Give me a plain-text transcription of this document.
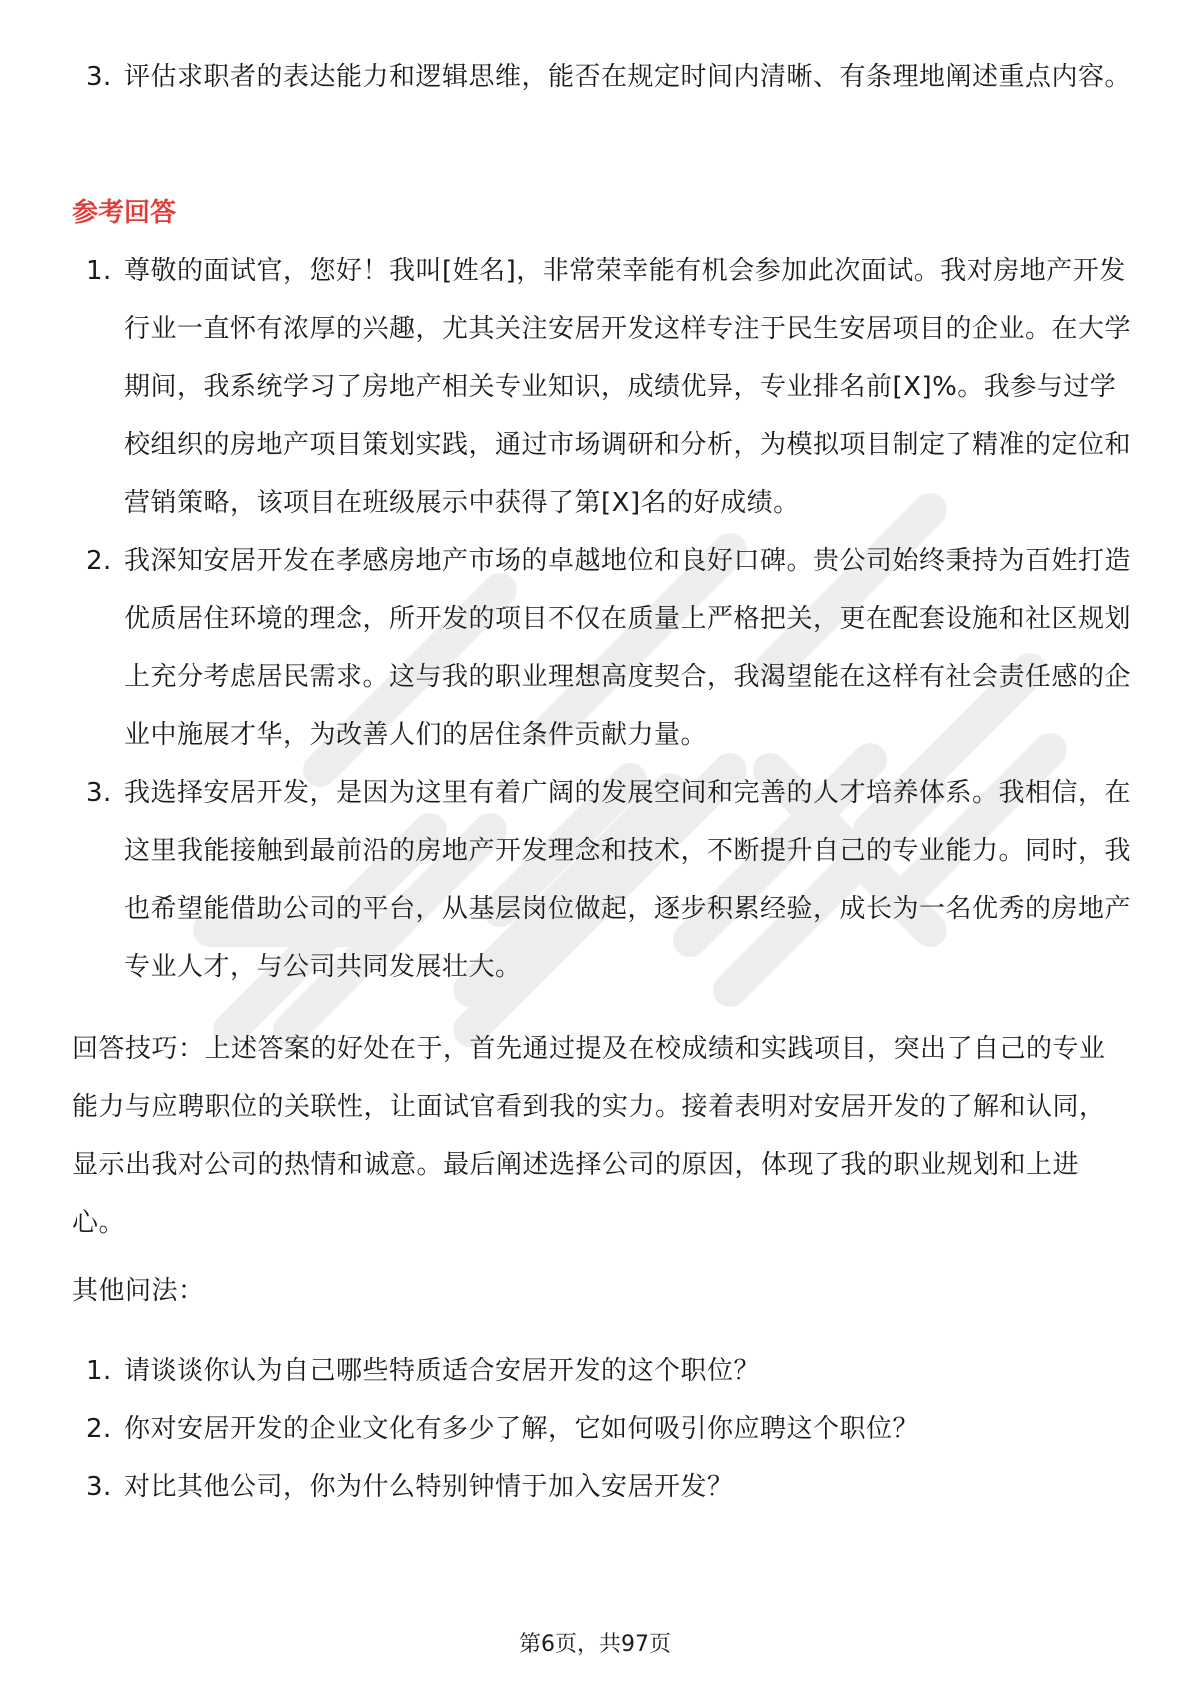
3. 评估求职者的表达能力和逻辑思维，能否在规定时间内清晰、有条理地阐述重点内容。
参考回答
1. 尊敬的面试官，您好！我叫[姓名]，非常荣幸能有机会参加此次面试。我对房地产开发行业一直怀有浓厚的兴趣，尤其关注安居开发这样专注于民生安居项目的企业。在大学期间，我系统学习了房地产相关专业知识，成绩优异，专业排名前[X]%。我参与过学校组织的房地产项目策划实践，通过市场调研和分析，为模拟项目制定了精准的定位和营销策略，该项目在班级展示中获得了第[X]名的好成绩。
2. 我深知安居开发在孝感房地产市场的卓越地位和良好口碑。贵公司始终秉持为百姓打造优质居住环境的理念，所开发的项目不仅在质量上严格把关，更在配套设施和社区规划上充分考虑居民需求。这与我的职业理想高度契合，我渴望能在这样有社会责任感的企业中施展才华，为改善人们的居住条件贡献力量。
3. 我选择安居开发，是因为这里有着广阔的发展空间和完善的人才培养体系。我相信，在这里我能接触到最前沿的房地产开发理念和技术，不断提升自己的专业能力。同时，我也希望能借助公司的平台，从基层岗位做起，逐步积累经验，成长为一名优秀的房地产专业人才，与公司共同发展壮大。

回答技巧：上述答案的好处在于，首先通过提及在校成绩和实践项目，突出了自己的专业能力与应聘职位的关联性，让面试官看到我的实力。接着表明对安居开发的了解和认同，显示出我对公司的热情和诚意。最后阐述选择公司的原因，体现了我的职业规划和上进心。

其他问法：

1. 请谈谈你认为自己哪些特质适合安居开发的这个职位？
2. 你对安居开发的企业文化有多少了解，它如何吸引你应聘这个职位？
3. 对比其他公司，你为什么特别钟情于加入安居开发？
第6页，共97页
